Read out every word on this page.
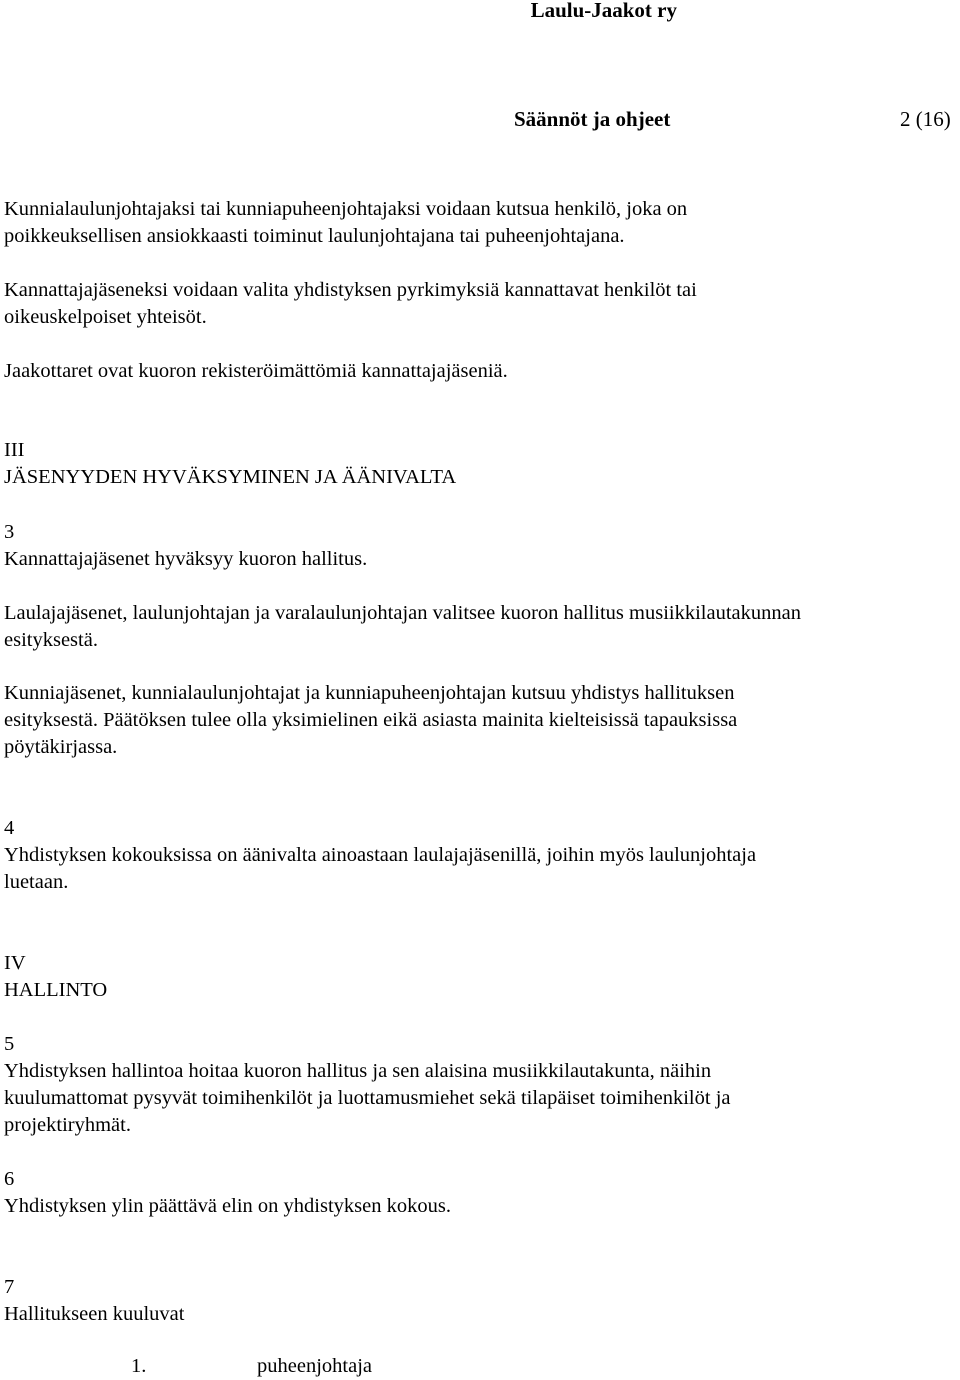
Laulu-Jaakot ry
Säännöt ja ohjeet	2 (16)
Kunnialaulunjohtajaksi tai kunniapuheenjohtajaksi voidaan kutsua henkilö, joka on
poikkeuksellisen ansiokkaasti toiminut laulunjohtajana tai puheenjohtajana.
Kannattajajäseneksi voidaan valita yhdistyksen pyrkimyksiä kannattavat henkilöt tai
oikeuskelpoiset yhteisöt.
Jaakottaret ovat kuoron rekisteröimättömiä kannattajajäseniä.
III
JÄSENYYDEN HYVÄKSYMINEN JA ÄÄNIVALTA
3
Kannattajajäsenet hyväksyy kuoron hallitus.
Laulajajäsenet, laulunjohtajan ja varalaulunjohtajan valitsee kuoron hallitus musiikkilautakunnan
esityksestä.
Kunniajäsenet, kunnialaulunjohtajat ja kunniapuheenjohtajan kutsuu yhdistys hallituksen
esityksestä. Päätöksen tulee olla yksimielinen eikä asiasta mainita kielteisissä tapauksissa
pöytäkirjassa.
4
Yhdistyksen kokouksissa on äänivalta ainoastaan laulajajäsenillä, joihin myös laulunjohtaja
luetaan.
IV
HALLINTO
5
Yhdistyksen hallintoa hoitaa kuoron hallitus ja sen alaisina musiikkilautakunta, näihin
kuulumattomat pysyvät toimihenkilöt ja luottamusmiehet sekä tilapäiset toimihenkilöt ja
projektiryhmät.
6
Yhdistyksen ylin päättävä elin on yhdistyksen kokous.
7
Hallitukseen kuuluvat
1.	puheenjohtaja
